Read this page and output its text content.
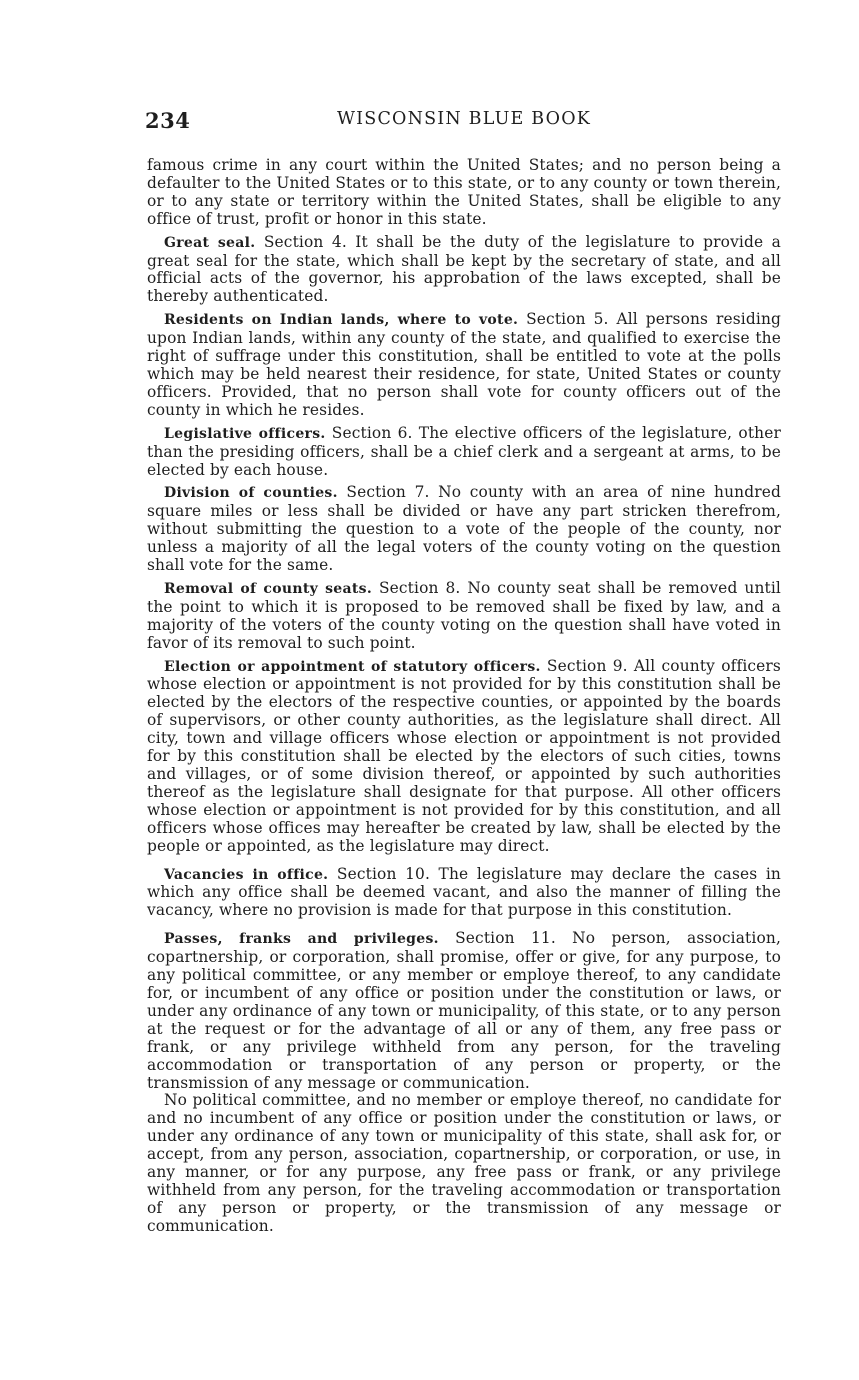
234	WISCONSIN BLUE BOOK

famous crime in any court within the United States; and no person being a defaulter to the United States or to this state, or to any county or town therein, or to any state or territory within the United States, shall be eligible to any office of trust, profit or honor in this state.

Great seal. Section 4. It shall be the duty of the legislature to provide a great seal for the state, which shall be kept by the secretary of state, and all official acts of the governor, his approbation of the laws excepted, shall be thereby authenticated.

Residents on Indian lands, where to vote. Section 5. All persons residing upon Indian lands, within any county of the state, and qualified to exercise the right of suffrage under this constitution, shall be entitled to vote at the polls which may be held nearest their residence, for state, United States or county officers. Provided, that no person shall vote for county officers out of the county in which he resides.

Legislative officers. Section 6. The elective officers of the legislature, other than the presiding officers, shall be a chief clerk and a sergeant at arms, to be elected by each house.

Division of counties. Section 7. No county with an area of nine hundred square miles or less shall be divided or have any part stricken therefrom, without submitting the question to a vote of the people of the county, nor unless a majority of all the legal voters of the county voting on the question shall vote for the same.

Removal of county seats. Section 8. No county seat shall be removed until the point to which it is proposed to be removed shall be fixed by law, and a majority of the voters of the county voting on the question shall have voted in favor of its removal to such point.

Election or appointment of statutory officers. Section 9. All county officers whose election or appointment is not provided for by this constitution shall be elected by the electors of the respective counties, or appointed by the boards of supervisors, or other county authorities, as the legislature shall direct. All city, town and village officers whose election or appointment is not provided for by this constitution shall be elected by the electors of such cities, towns and villages, or of some division thereof, or appointed by such authorities thereof as the legislature shall designate for that purpose. All other officers whose election or appointment is not provided for by this constitution, and all officers whose offices may hereafter be created by law, shall be elected by the people or appointed, as the legislature may direct.

Vacancies in office. Section 10. The legislature may declare the cases in which any office shall be deemed vacant, and also the manner of filling the vacancy, where no provision is made for that purpose in this constitution.

Passes, franks and privileges. Section 11. No person, association, copartnership, or corporation, shall promise, offer or give, for any purpose, to any political committee, or any member or employe thereof, to any candidate for, or incumbent of any office or position under the constitution or laws, or under any ordinance of any town or municipality, of this state, or to any person at the request or for the advantage of all or any of them, any free pass or frank, or any privilege withheld from any person, for the traveling accommodation or transportation of any person or property, or the transmission of any message or communication.

No political committee, and no member or employe thereof, no candidate for and no incumbent of any office or position under the constitution or laws, or under any ordinance of any town or municipality of this state, shall ask for, or accept, from any person, association, copartnership, or corporation, or use, in any manner, or for any purpose, any free pass or frank, or any privilege withheld from any person, for the traveling accommodation or transportation of any person or property, or the transmission of any message or communication.
